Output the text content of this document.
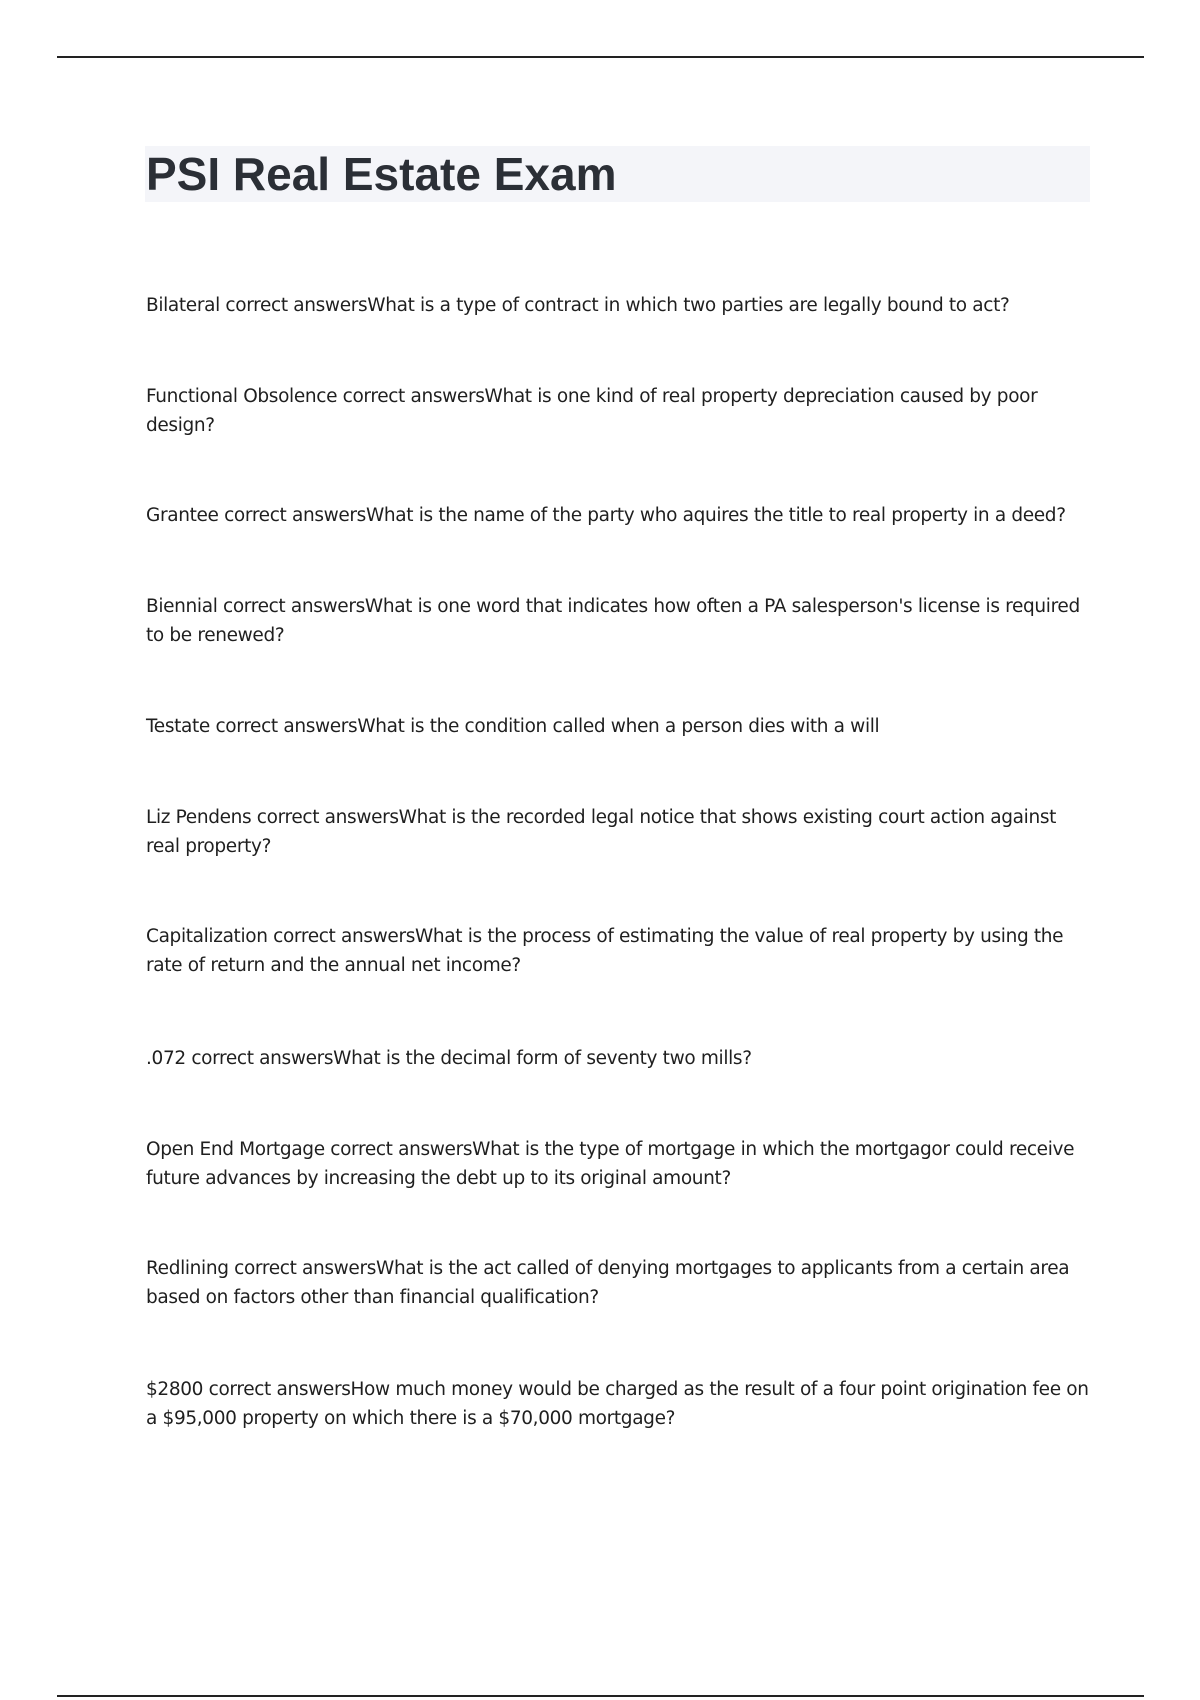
PSI Real Estate Exam

Bilateral correct answersWhat is a type of contract in which two parties are legally bound to act?

Functional Obsolence correct answersWhat is one kind of real property depreciation caused by poor design?

Grantee correct answersWhat is the name of the party who aquires the title to real property in a deed?

Biennial correct answersWhat is one word that indicates how often a PA salesperson's license is required to be renewed?

Testate correct answersWhat is the condition called when a person dies with a will

Liz Pendens correct answersWhat is the recorded legal notice that shows existing court action against real property?

Capitalization correct answersWhat is the process of estimating the value of real property by using the rate of return and the annual net income?

.072 correct answersWhat is the decimal form of seventy two mills?

Open End Mortgage correct answersWhat is the type of mortgage in which the mortgagor could receive future advances by increasing the debt up to its original amount?

Redlining correct answersWhat is the act called of denying mortgages to applicants from a certain area based on factors other than financial qualification?

$2800 correct answersHow much money would be charged as the result of a four point origination fee on a $95,000 property on which there is a $70,000 mortgage?
